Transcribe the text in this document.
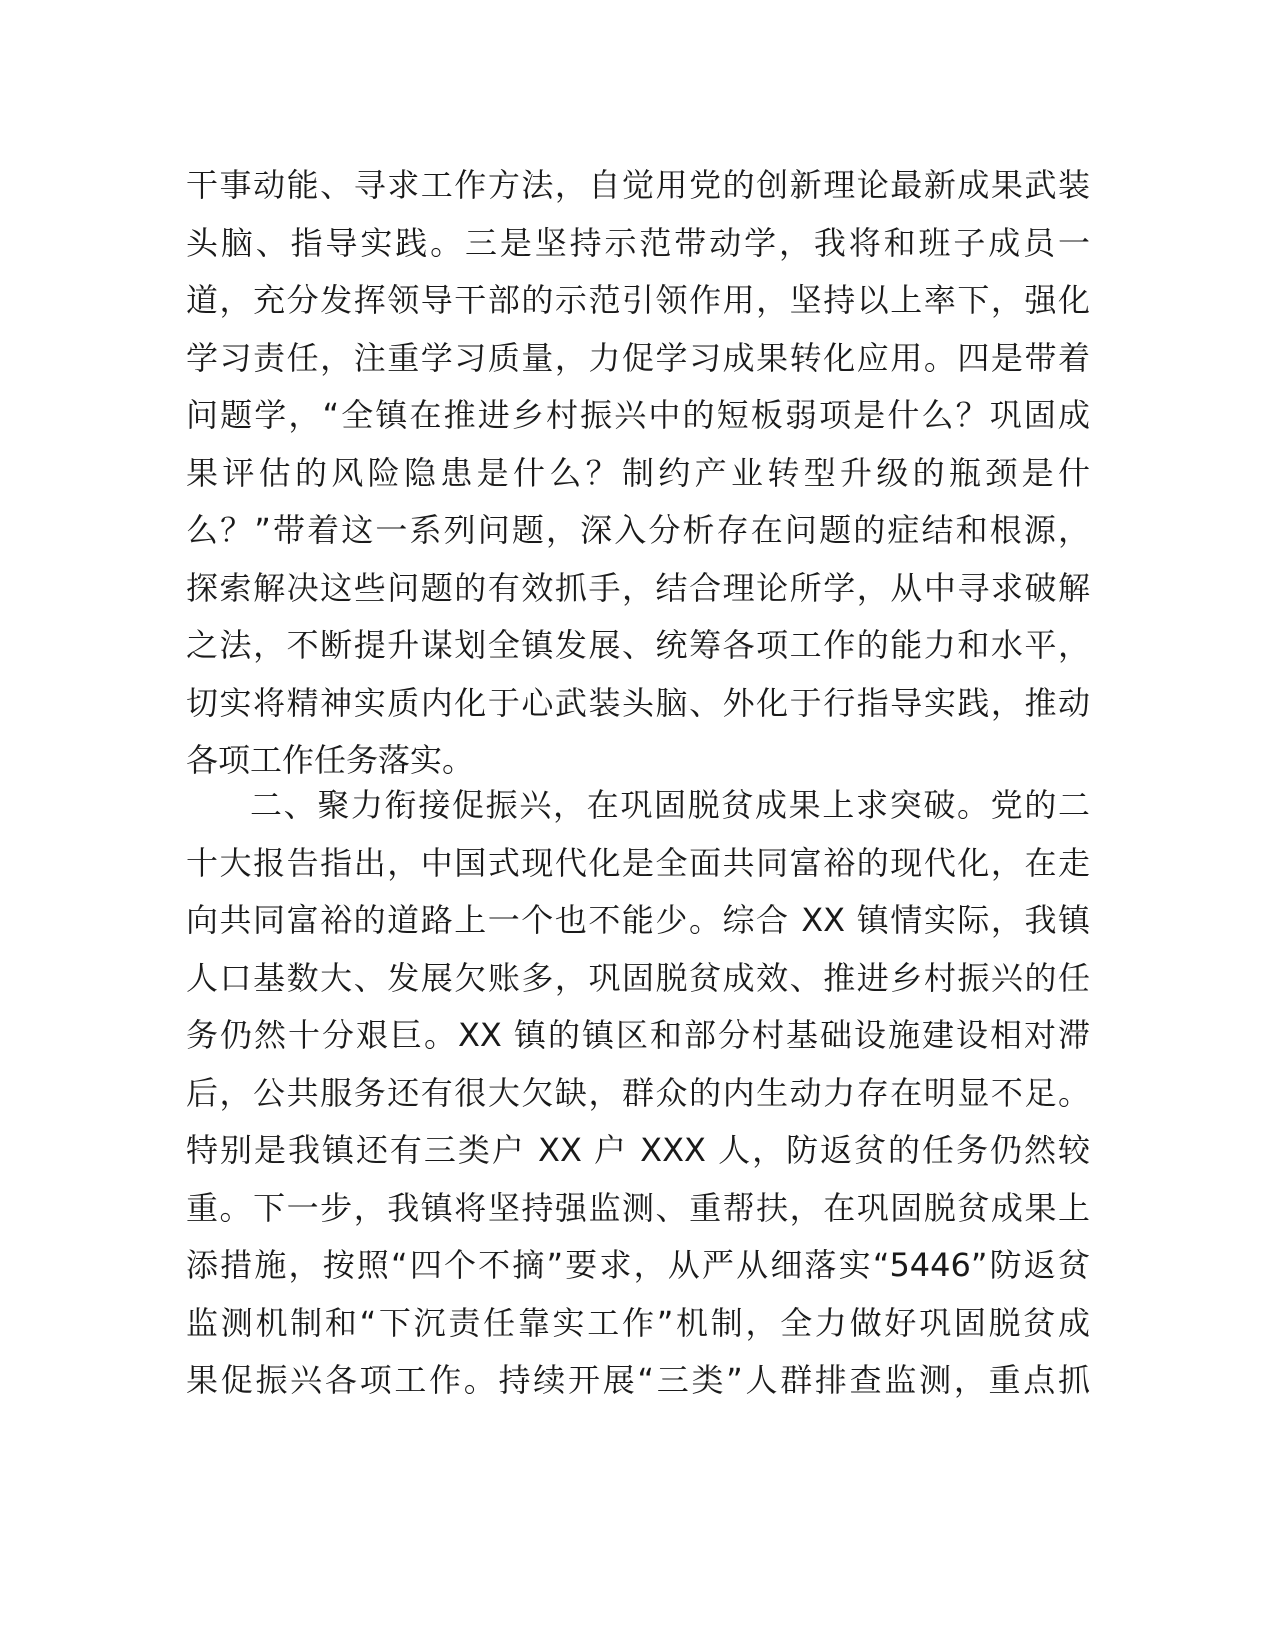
干事动能、寻求工作方法，自觉用党的创新理论最新成果武装
头脑、指导实践。三是坚持示范带动学，我将和班子成员一
道，充分发挥领导干部的示范引领作用，坚持以上率下，强化
学习责任，注重学习质量，力促学习成果转化应用。四是带着
问题学，“全镇在推进乡村振兴中的短板弱项是什么？巩固成
果评估的风险隐患是什么？制约产业转型升级的瓶颈是什
么？”带着这一系列问题，深入分析存在问题的症结和根源，
探索解决这些问题的有效抓手，结合理论所学，从中寻求破解
之法，不断提升谋划全镇发展、统筹各项工作的能力和水平，
切实将精神实质内化于心武装头脑、外化于行指导实践，推动
各项工作任务落实。
二、聚力衔接促振兴，在巩固脱贫成果上求突破。党的二
十大报告指出，中国式现代化是全面共同富裕的现代化，在走
向共同富裕的道路上一个也不能少。综合 XX 镇情实际，我镇
人口基数大、发展欠账多，巩固脱贫成效、推进乡村振兴的任
务仍然十分艰巨。XX 镇的镇区和部分村基础设施建设相对滞
后，公共服务还有很大欠缺，群众的内生动力存在明显不足。
特别是我镇还有三类户 XX 户 XXX 人，防返贫的任务仍然较
重。下一步，我镇将坚持强监测、重帮扶，在巩固脱贫成果上
添措施，按照“四个不摘”要求，从严从细落实“5446”防返贫
监测机制和“下沉责任靠实工作”机制，全力做好巩固脱贫成
果促振兴各项工作。持续开展“三类”人群排查监测，重点抓
